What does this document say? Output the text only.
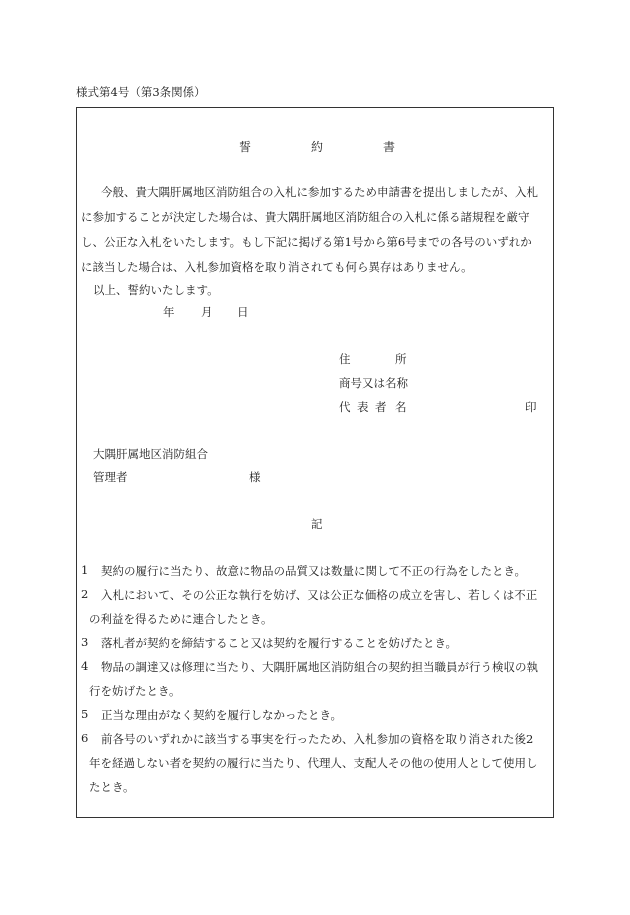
様式第4号（第3条関係）
誓	約	書
今般、貴大隅肝属地区消防組合の入札に参加するため申請書を提出しましたが、入札
に参加することが決定した場合は、貴大隅肝属地区消防組合の入札に係る諸規程を厳守
し、公正な入札をいたします。もし下記に掲げる第1号から第6号までの各号のいずれか
に該当した場合は、入札参加資格を取り消されても何ら異存はありません。
以上、誓約いたします。
年 月 日
住	所
商号又は名称
代 表 者 名	印
大隅肝属地区消防組合
管理者	様
記
1 契約の履行に当たり、故意に物品の品質又は数量に関して不正の行為をしたとき。
2 入札において、その公正な執行を妨げ、又は公正な価格の成立を害し、若しくは不正
の利益を得るために連合したとき。
3 落札者が契約を締結すること又は契約を履行することを妨げたとき。
4 物品の調達又は修理に当たり、大隅肝属地区消防組合の契約担当職員が行う検収の執
行を妨げたとき。
5 正当な理由がなく契約を履行しなかったとき。
6 前各号のいずれかに該当する事実を行ったため、入札参加の資格を取り消された後2
年を経過しない者を契約の履行に当たり、代理人、支配人その他の使用人として使用し
たとき。
